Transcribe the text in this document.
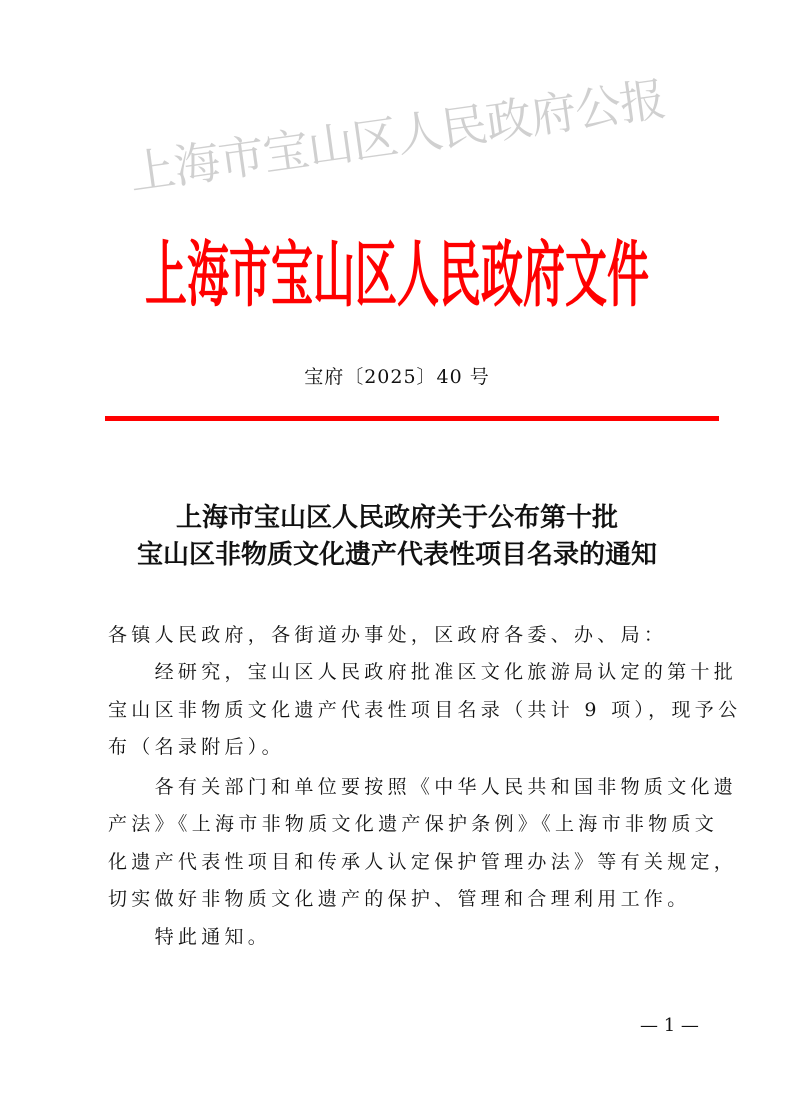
上海市宝山区人民政府公报
上海市宝山区人民政府文件
宝府〔2025〕40 号
上海市宝山区人民政府关于公布第十批
宝山区非物质文化遗产代表性项目名录的通知
各镇人民政府，各街道办事处，区政府各委、办、局：
　　经研究，宝山区人民政府批准区文化旅游局认定的第十批
宝山区非物质文化遗产代表性项目名录（共计 9 项），现予公
布（名录附后）。
　　各有关部门和单位要按照《中华人民共和国非物质文化遗
产法》《上海市非物质文化遗产保护条例》《上海市非物质文
化遗产代表性项目和传承人认定保护管理办法》等有关规定，
切实做好非物质文化遗产的保护、管理和合理利用工作。
　　特此通知。
— 1 —
